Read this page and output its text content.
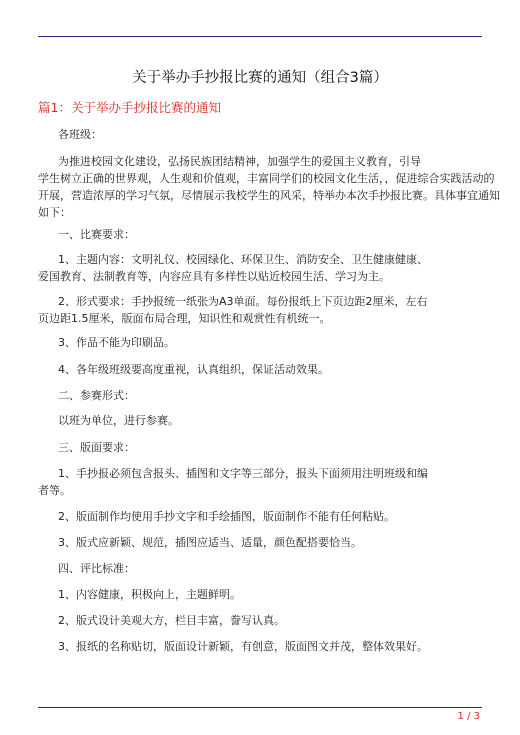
关于举办手抄报比赛的通知（组合3篇）
篇1：关于举办手抄报比赛的通知

各班级：

为推进校园文化建设，弘扬民族团结精神，加强学生的爱国主义教育，引导
学生树立正确的世界观，人生观和价值观，丰富同学们的校园文化生活，，促进综合实践活动的
开展，营造浓厚的学习气氛，尽情展示我校学生的风采，特举办本次手抄报比赛。具体事宜通知
如下：

一、比赛要求：

1、主题内容：文明礼仪、校园绿化、环保卫生、消防安全、卫生健康健康、
爱国教育、法制教育等，内容应具有多样性以贴近校园生活、学习为主。

2、形式要求：手抄报统一纸张为A3单面。每份报纸上下页边距2厘米，左右
页边距1.5厘米，版面布局合理，知识性和观赏性有机统一。

3、作品不能为印刷品。

4、各年级班级要高度重视，认真组织，保证活动效果。

二、参赛形式：

以班为单位，进行参赛。

三、版面要求：

1、手抄报必须包含报头、插图和文字等三部分，报头下面须用注明班级和编
者等。

2、版面制作均使用手抄文字和手绘插图，版面制作不能有任何粘贴。

3、版式应新颖、规范，插图应适当、适量，颜色配搭要恰当。

四、评比标准：

1、内容健康，积极向上，主题鲜明。

2、版式设计美观大方，栏目丰富，誊写认真。

3、报纸的名称贴切，版面设计新颖，有创意，版面图文并茂，整体效果好。

1 / 3
